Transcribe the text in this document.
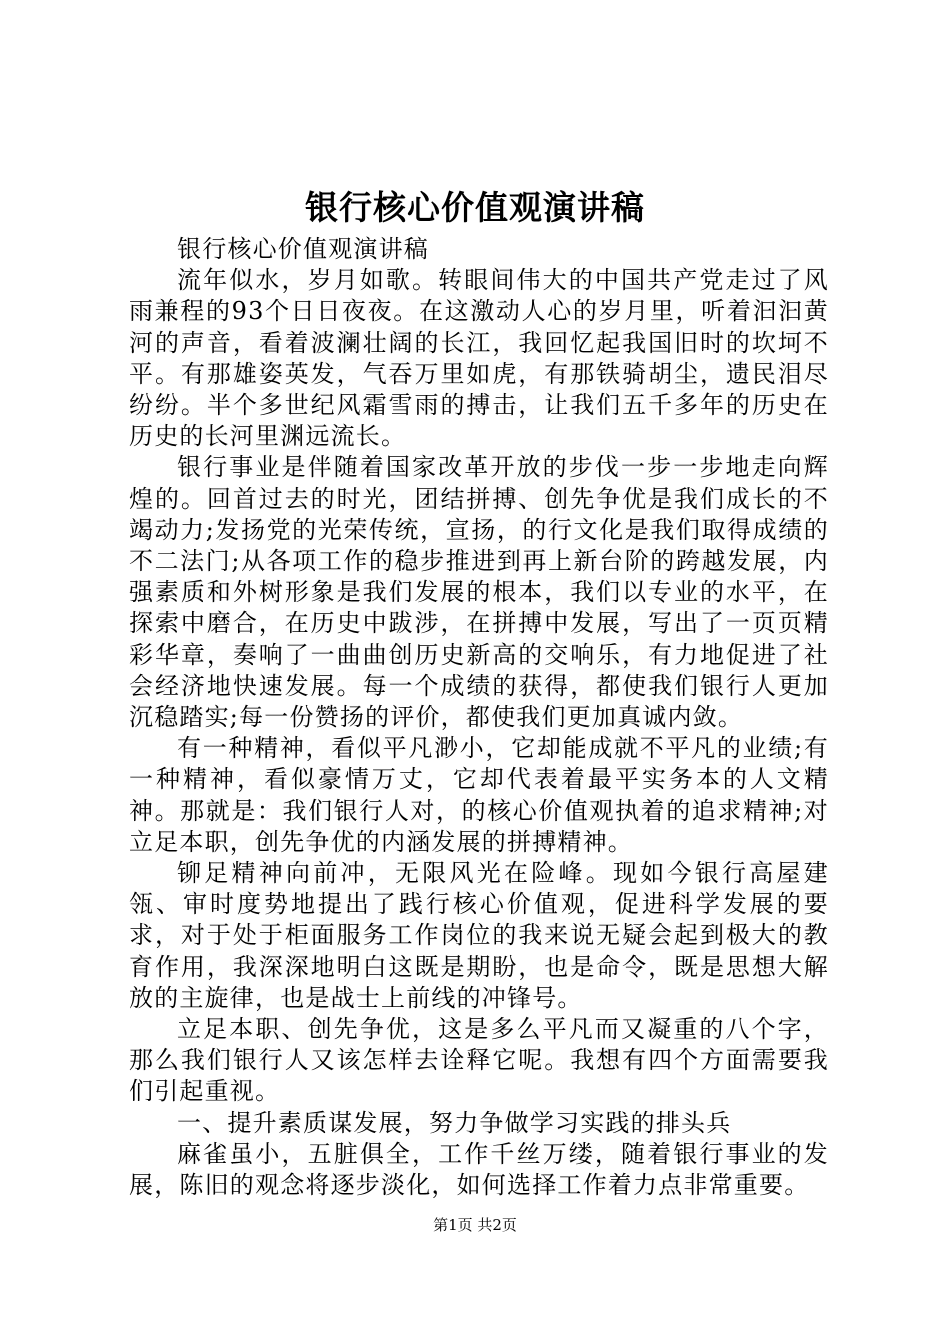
银行核心价值观演讲稿

银行核心价值观演讲稿

流年似水，岁月如歌。转眼间伟大的中国共产党走过了风雨兼程的93个日日夜夜。在这激动人心的岁月里，听着汩汩黄河的声音，看着波澜壮阔的长江，我回忆起我国旧时的坎坷不平。有那雄姿英发，气吞万里如虎，有那铁骑胡尘，遗民泪尽纷纷。半个多世纪风霜雪雨的搏击，让我们五千多年的历史在历史的长河里渊远流长。

银行事业是伴随着国家改革开放的步伐一步一步地走向辉煌的。回首过去的时光，团结拼搏、创先争优是我们成长的不竭动力;发扬党的光荣传统，宣扬，的行文化是我们取得成绩的不二法门;从各项工作的稳步推进到再上新台阶的跨越发展，内强素质和外树形象是我们发展的根本，我们以专业的水平，在探索中磨合，在历史中跋涉，在拼搏中发展，写出了一页页精彩华章，奏响了一曲曲创历史新高的交响乐，有力地促进了社会经济地快速发展。每一个成绩的获得，都使我们银行人更加沉稳踏实;每一份赞扬的评价，都使我们更加真诚内敛。

有一种精神，看似平凡渺小，它却能成就不平凡的业绩;有一种精神，看似豪情万丈，它却代表着最平实务本的人文精神。那就是：我们银行人对，的核心价值观执着的追求精神;对立足本职，创先争优的内涵发展的拼搏精神。

铆足精神向前冲，无限风光在险峰。现如今银行高屋建瓴、审时度势地提出了践行核心价值观，促进科学发展的要求，对于处于柜面服务工作岗位的我来说无疑会起到极大的教育作用，我深深地明白这既是期盼，也是命令，既是思想大解放的主旋律，也是战士上前线的冲锋号。

立足本职、创先争优，这是多么平凡而又凝重的八个字，那么我们银行人又该怎样去诠释它呢。我想有四个方面需要我们引起重视。

一、提升素质谋发展，努力争做学习实践的排头兵

麻雀虽小，五脏俱全，工作千丝万缕，随着银行事业的发展，陈旧的观念将逐步淡化，如何选择工作着力点非常重要。

第1页 共2页
